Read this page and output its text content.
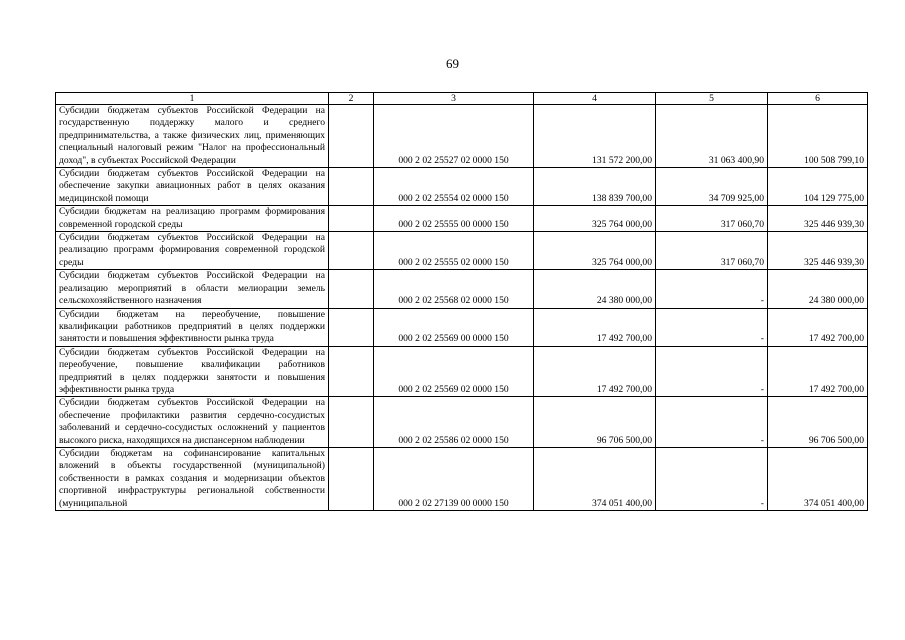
69
1	2	3	4	5	6
Субсидии бюджетам субъектов Российской Федерации на государственную поддержку малого и среднего предпринимательства, а также физических лиц, применяющих специальный налоговый режим "Налог на профессиональный доход", в субъектах Российской Федерации		000 2 02 25527 02 0000 150	131 572 200,00	31 063 400,90	100 508 799,10
Субсидии бюджетам субъектов Российской Федерации на обеспечение закупки авиационных работ в целях оказания медицинской помощи		000 2 02 25554 02 0000 150	138 839 700,00	34 709 925,00	104 129 775,00
Субсидии бюджетам на реализацию программ формирования современной городской среды		000 2 02 25555 00 0000 150	325 764 000,00	317 060,70	325 446 939,30
Субсидии бюджетам субъектов Российской Федерации на реализацию программ формирования современной городской среды		000 2 02 25555 02 0000 150	325 764 000,00	317 060,70	325 446 939,30
Субсидии бюджетам субъектов Российской Федерации на реализацию мероприятий в области мелиорации земель сельскохозяйственного назначения		000 2 02 25568 02 0000 150	24 380 000,00	-	24 380 000,00
Субсидии бюджетам на переобучение, повышение квалификации работников предприятий в целях поддержки занятости и повышения эффективности рынка труда		000 2 02 25569 00 0000 150	17 492 700,00	-	17 492 700,00
Субсидии бюджетам субъектов Российской Федерации на переобучение, повышение квалификации работников предприятий в целях поддержки занятости и повышения эффективности рынка труда		000 2 02 25569 02 0000 150	17 492 700,00	-	17 492 700,00
Субсидии бюджетам субъектов Российской Федерации на обеспечение профилактики развития сердечно-сосудистых заболеваний и сердечно-сосудистых осложнений у пациентов высокого риска, находящихся на диспансерном наблюдении		000 2 02 25586 02 0000 150	96 706 500,00	-	96 706 500,00
Субсидии бюджетам на софинансирование капитальных вложений в объекты государственной (муниципальной) собственности в рамках создания и модернизации объектов спортивной инфраструктуры региональной собственности (муниципальной		000 2 02 27139 00 0000 150	374 051 400,00	-	374 051 400,00
